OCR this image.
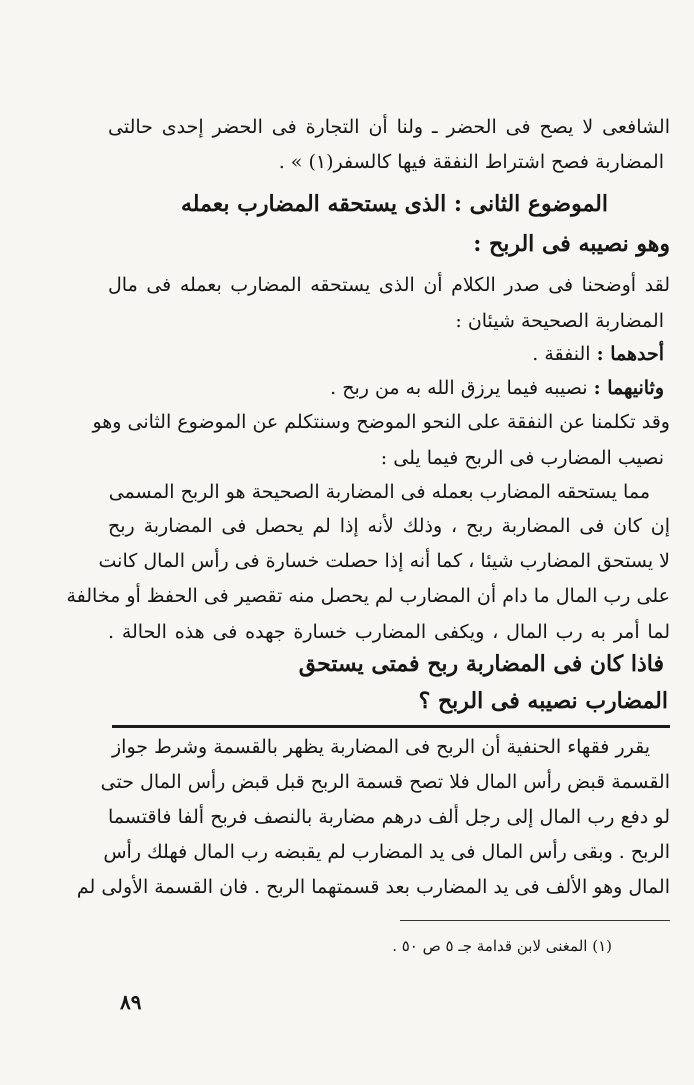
الشافعى لا يصح فى الحضر ـ ولنا أن التجارة فى الحضر إحدى حالتى
المضاربة فصح اشتراط النفقة فيها كالسفر(١) » .
الموضوع الثانى : الذى يستحقه المضارب بعمله
وهو نصيبه فى الربح :
لقد أوضحنا فى صدر الكلام أن الذى يستحقه المضارب بعمله فى مال
المضاربة الصحيحة شيئان :
أحدهما : النفقة .
وثانيهما : نصيبه فيما يرزق الله به من ربح .
وقد تكلمنا عن النفقة على النحو الموضح وسنتكلم عن الموضوع الثانى وهو
نصيب المضارب فى الربح فيما يلى :
مما يستحقه المضارب بعمله فى المضاربة الصحيحة هو الربح المسمى
إن كان فى المضاربة ربح ، وذلك لأنه إذا لم يحصل فى المضاربة ربح
لا يستحق المضارب شيئا ، كما أنه إذا حصلت خسارة فى رأس المال كانت
على رب المال ما دام أن المضارب لم يحصل منه تقصير فى الحفظ أو مخالفة
لما أمر به رب المال ، ويكفى المضارب خسارة جهده فى هذه الحالة .
فاذا كان فى المضاربة ربح فمتى يستحق
المضارب نصيبه فى الربح ؟
يقرر فقهاء الحنفية أن الربح فى المضاربة يظهر بالقسمة وشرط جواز
القسمة قبض رأس المال فلا تصح قسمة الربح قبل قبض رأس المال حتى
لو دفع رب المال إلى رجل ألف درهم مضاربة بالنصف فربح ألفا فاقتسما
الربح . وبقى رأس المال فى يد المضارب لم يقبضه رب المال فهلك رأس
المال وهو الألف فى يد المضارب بعد قسمتهما الربح . فان القسمة الأولى لم
(١) المغنى لابن قدامة جـ ٥ ص ٥٠ .
٨٩
